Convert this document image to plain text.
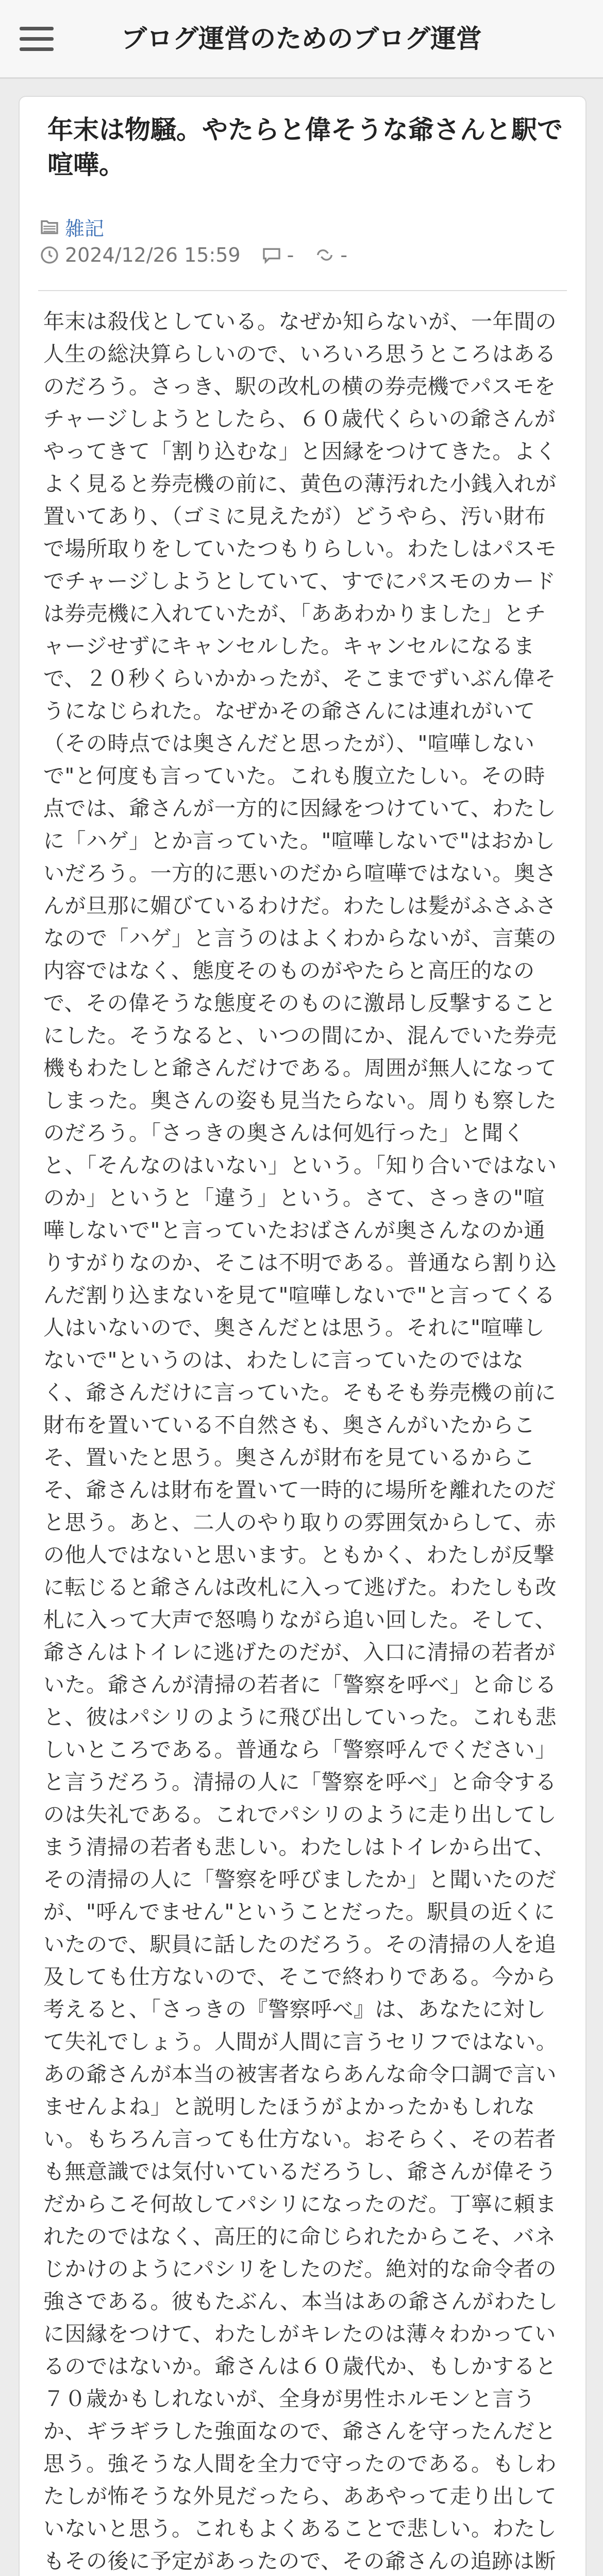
ブログ運営のためのブログ運営
年末は物騒。やたらと偉そうな爺さんと駅で喧嘩。
雑記
2024/12/26 15:59 - -

年末は殺伐としている。なぜか知らないが、一年間の人生の総決算らしいので、いろいろ思うところはあるのだろう。さっき、駅の改札の横の券売機でパスモをチャージしようとしたら、６０歳代くらいの爺さんがやってきて「割り込むな」と因縁をつけてきた。よくよく見ると券売機の前に、黄色の薄汚れた小銭入れが置いてあり、（ゴミに見えたが）どうやら、汚い財布で場所取りをしていたつもりらしい。わたしはパスモでチャージしようとしていて、すでにパスモのカードは券売機に入れていたが、「ああわかりました」とチャージせずにキャンセルした。キャンセルになるまで、２０秒くらいかかったが、そこまでずいぶん偉そうになじられた。なぜかその爺さんには連れがいて（その時点では奥さんだと思ったが）、"喧嘩しないで"と何度も言っていた。これも腹立たしい。その時点では、爺さんが一方的に因縁をつけていて、わたしに「ハゲ」とか言っていた。"喧嘩しないで"はおかしいだろう。一方的に悪いのだから喧嘩ではない。奥さんが旦那に媚びているわけだ。わたしは髪がふさふさなので「ハゲ」と言うのはよくわからないが、言葉の内容ではなく、態度そのものがやたらと高圧的なので、その偉そうな態度そのものに激昂し反撃することにした。そうなると、いつの間にか、混んでいた券売機もわたしと爺さんだけである。周囲が無人になってしまった。奥さんの姿も見当たらない。周りも察したのだろう。「さっきの奥さんは何処行った」と聞くと、「そんなのはいない」という。「知り合いではないのか」というと「違う」という。さて、さっきの"喧嘩しないで"と言っていたおばさんが奥さんなのか通りすがりなのか、そこは不明である。普通なら割り込んだ割り込まないを見て"喧嘩しないで"と言ってくる人はいないので、奥さんだとは思う。それに"喧嘩しないで"というのは、わたしに言っていたのではなく、爺さんだけに言っていた。そもそも券売機の前に財布を置いている不自然さも、奥さんがいたからこそ、置いたと思う。奥さんが財布を見ているからこそ、爺さんは財布を置いて一時的に場所を離れたのだと思う。あと、二人のやり取りの雰囲気からして、赤の他人ではないと思います。ともかく、わたしが反撃に転じると爺さんは改札に入って逃げた。わたしも改札に入って大声で怒鳴りながら追い回した。そして、爺さんはトイレに逃げたのだが、入口に清掃の若者がいた。爺さんが清掃の若者に「警察を呼べ」と命じると、彼はパシリのように飛び出していった。これも悲しいところである。普通なら「警察呼んでください」と言うだろう。清掃の人に「警察を呼べ」と命令するのは失礼である。これでパシリのように走り出してしまう清掃の若者も悲しい。わたしはトイレから出て、その清掃の人に「警察を呼びましたか」と聞いたのだが、"呼んでません"ということだった。駅員の近くにいたので、駅員に話したのだろう。その清掃の人を追及しても仕方ないので、そこで終わりである。今から考えると、「さっきの『警察呼べ』は、あなたに対して失礼でしょう。人間が人間に言うセリフではない。あの爺さんが本当の被害者ならあんな命令口調で言いませんよね」と説明したほうがよかったかもしれない。もちろん言っても仕方ない。おそらく、その若者も無意識では気付いているだろうし、爺さんが偉そうだからこそ何故してパシリになったのだ。丁寧に頼まれたのではなく、高圧的に命じられたからこそ、バネじかけのようにパシリをしたのだ。絶対的な命令者の強さである。彼もたぶん、本当はあの爺さんがわたしに因縁をつけて、わたしがキレたのは薄々わかっているのではないか。爺さんは６０歳代か、もしかすると７０歳かもしれないが、全身が男性ホルモンと言うか、ギラギラした強面なので、爺さんを守ったんだと思う。強そうな人間を全力で守ったのである。もしわたしが怖そうな外見だったら、ああやって走り出していないと思う。これもよくあることで悲しい。わたしもその後に予定があったので、その爺さんの追跡は断
